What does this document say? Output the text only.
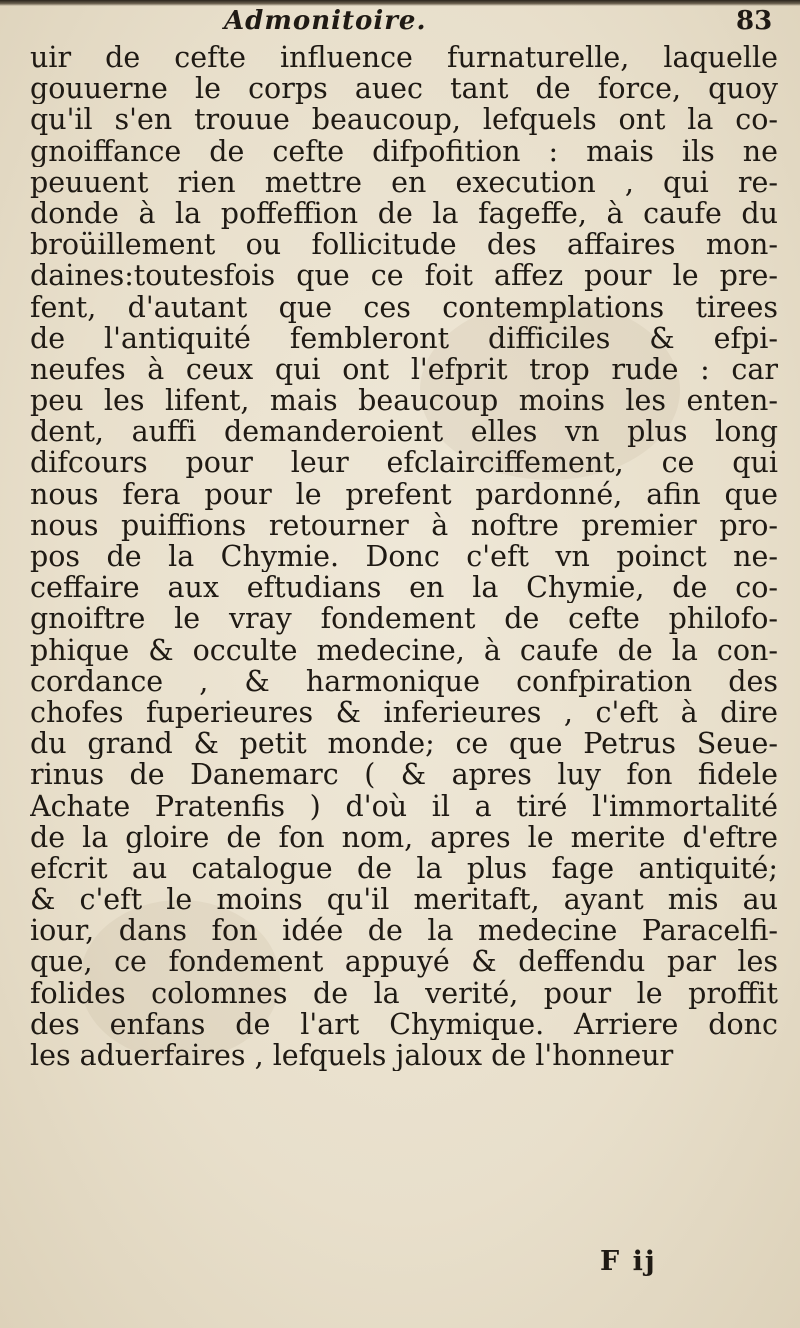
Admonitoire.	83
uir de cefte influence furnaturelle, laquelle
gouuerne le corps auec tant de force, quoy
qu'il s'en trouue beaucoup, lefquels ont la co-
gnoiffance de cefte difpofition : mais ils ne
peuuent rien mettre en execution , qui re-
donde à la poffeffion de la fageffe, à caufe du
broüillement ou follicitude des affaires mon-
daines:toutesfois que ce foit affez pour le pre-
fent, d'autant que ces contemplations tirees
de l'antiquité fembleront difficiles & efpi-
neufes à ceux qui ont l'efprit trop rude : car
peu les lifent, mais beaucoup moins les enten-
dent, auffi demanderoient elles vn plus long
difcours pour leur efclairciffement, ce qui
nous fera pour le prefent pardonné, afin que
nous puiffions retourner à noftre premier pro-
pos de la Chymie. Donc c'eft vn poinct ne-
ceffaire aux eftudians en la Chymie, de co-
gnoiftre le vray fondement de cefte philofo-
phique & occulte medecine, à caufe de la con-
cordance , & harmonique confpiration des
chofes fuperieures & inferieures , c'eft à dire
du grand & petit monde; ce que Petrus Seue-
rinus de Danemarc ( & apres luy fon fidele
Achate Pratenfis ) d'où il a tiré l'immortalité
de la gloire de fon nom, apres le merite d'eftre
efcrit au catalogue de la plus fage antiquité;
& c'eft le moins qu'il meritaft, ayant mis au
iour, dans fon idée de la medecine Paracelfi-
que, ce fondement appuyé & deffendu par les
folides colomnes de la verité, pour le proffit
des enfans de l'art Chymique. Arriere donc
les aduerfaires , lefquels jaloux de l'honneur
F ij
